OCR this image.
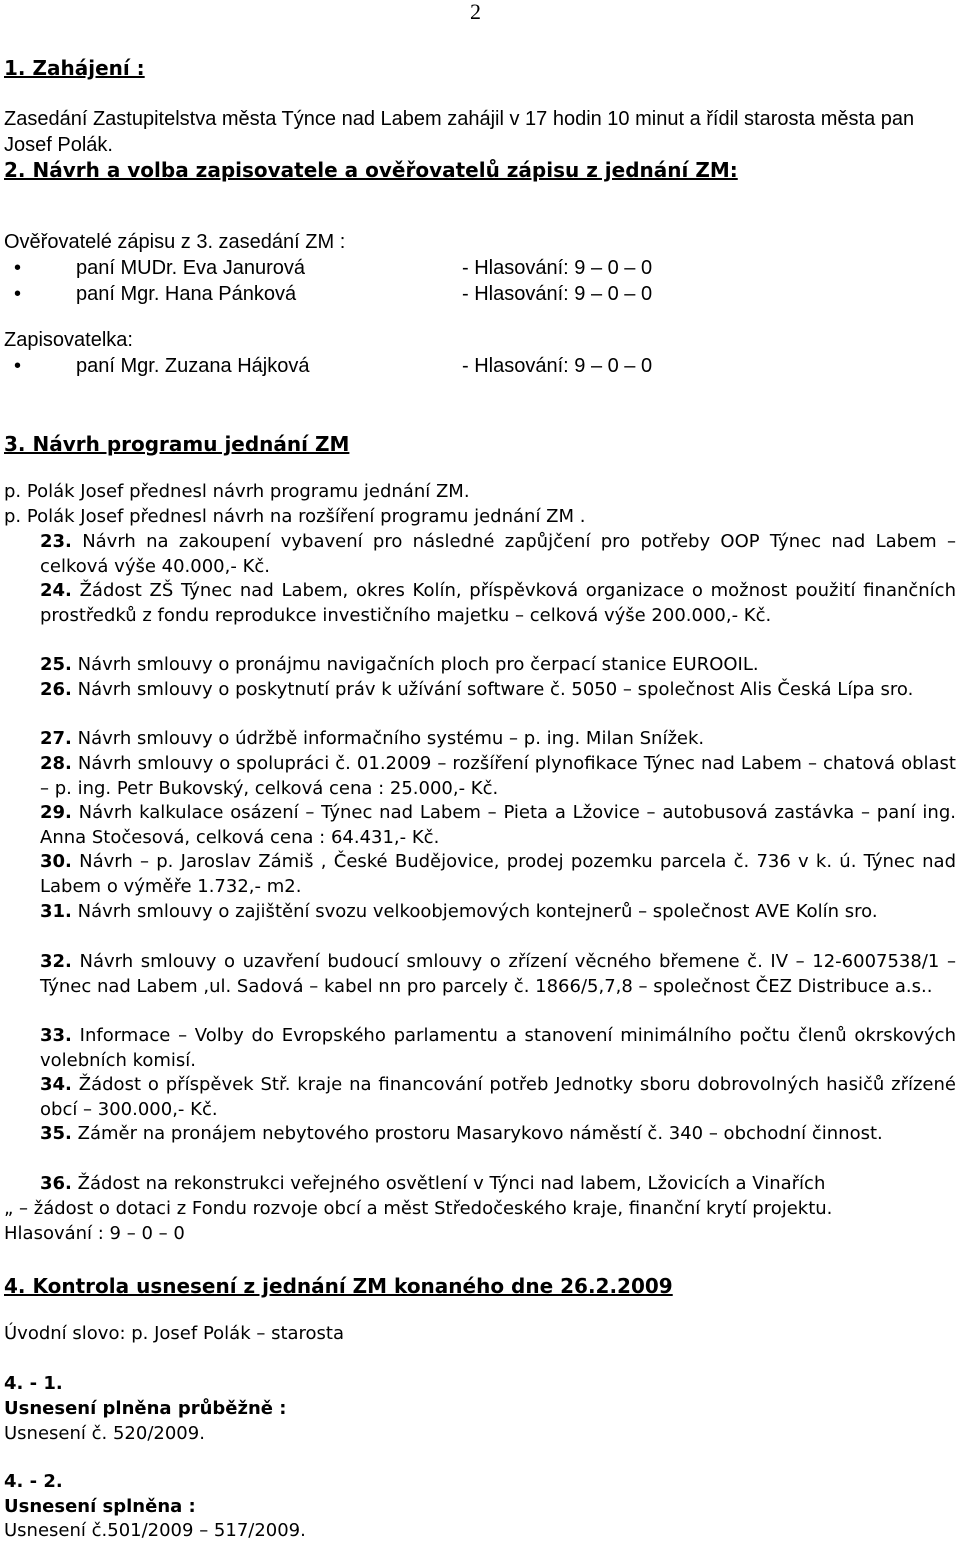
2
1. Zahájení :
Zasedání Zastupitelstva města Týnce nad Labem zahájil v 17 hodin 10 minut a řídil starosta města pan Josef Polák.
2. Návrh a volba zapisovatele a ověřovatelů zápisu z jednání ZM:
Ověřovatelé zápisu z 3. zasedání ZM :
•	paní MUDr. Eva Janurová	- Hlasování: 9 – 0 – 0
•	paní Mgr. Hana Pánková	- Hlasování: 9 – 0 – 0
Zapisovatelka:
•	paní Mgr. Zuzana Hájková	- Hlasování: 9 – 0 – 0
3. Návrh programu jednání ZM
p. Polák Josef přednesl návrh programu jednání ZM.
p. Polák Josef přednesl návrh na rozšíření programu jednání ZM .
23. Návrh na zakoupení vybavení pro následné zapůjčení pro potřeby OOP Týnec nad Labem – celková výše 40.000,- Kč.
24. Žádost ZŠ Týnec nad Labem, okres Kolín, příspěvková organizace o možnost použití finančních prostředků z fondu reprodukce investičního majetku – celková výše 200.000,- Kč.
25. Návrh smlouvy o pronájmu navigačních ploch pro čerpací stanice EUROOIL.
26. Návrh smlouvy o poskytnutí práv k užívání software č. 5050 – společnost Alis Česká Lípa sro.
27. Návrh smlouvy o údržbě informačního systému – p. ing. Milan Snížek.
28. Návrh smlouvy o spolupráci č. 01.2009 – rozšíření plynofikace Týnec nad Labem – chatová oblast – p. ing. Petr Bukovský, celková cena : 25.000,- Kč.
29. Návrh kalkulace osázení – Týnec nad Labem – Pieta a Lžovice – autobusová zastávka – paní ing. Anna Stočesová, celková cena : 64.431,- Kč.
30. Návrh – p. Jaroslav Zámiš , České Budějovice, prodej pozemku parcela č. 736 v k. ú. Týnec nad Labem o výměře 1.732,- m2.
31. Návrh smlouvy o zajištění svozu velkoobjemových kontejnerů – společnost AVE Kolín sro.
32. Návrh smlouvy o uzavření budoucí smlouvy o zřízení věcného břemene č. IV – 12-6007538/1 – Týnec nad Labem ,ul. Sadová – kabel nn pro parcely č. 1866/5,7,8 – společnost ČEZ Distribuce a.s..
33. Informace – Volby do Evropského parlamentu a stanovení minimálního počtu členů okrskových volebních komisí.
34. Žádost o příspěvek Stř. kraje na financování potřeb Jednotky sboru dobrovolných hasičů zřízené obcí – 300.000,- Kč.
35. Záměr na pronájem nebytového prostoru Masarykovo náměstí č. 340 – obchodní činnost.
36. Žádost na rekonstrukci veřejného osvětlení v Týnci nad labem, Lžovicích a Vinařích
„ – žádost o dotaci z Fondu rozvoje obcí a měst Středočeského kraje, finanční krytí projektu.
Hlasování : 9 – 0 – 0
4. Kontrola usnesení z jednání ZM konaného dne 26.2.2009
Úvodní slovo: p. Josef Polák – starosta
4. - 1.
Usnesení plněna průběžně :
Usnesení č. 520/2009.
4. - 2.
Usnesení splněna :
Usnesení č.501/2009 – 517/2009.
